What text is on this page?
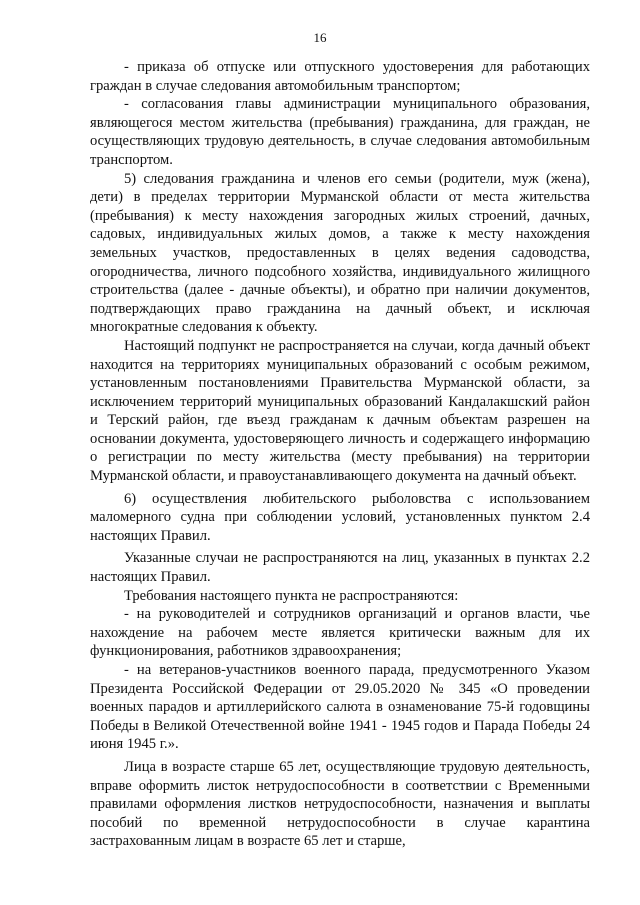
16

- приказа об отпуске или отпускного удостоверения для работающих граждан в случае следования автомобильным транспортом;

- согласования главы администрации муниципального образования, являющегося местом жительства (пребывания) гражданина, для граждан, не осуществляющих трудовую деятельность, в случае следования автомобильным транспортом.

5) следования гражданина и членов его семьи (родители, муж (жена), дети) в пределах территории Мурманской области от места жительства (пребывания) к месту нахождения загородных жилых строений, дачных, садовых, индивидуальных жилых домов, а также к месту нахождения земельных участков, предоставленных в целях ведения садоводства, огородничества, личного подсобного хозяйства, индивидуального жилищного строительства (далее - дачные объекты), и обратно при наличии документов, подтверждающих право гражданина на дачный объект, и исключая многократные следования к объекту.

Настоящий подпункт не распространяется на случаи, когда дачный объект находится на территориях муниципальных образований с особым режимом, установленным постановлениями Правительства Мурманской области, за исключением территорий муниципальных образований Кандалакшский район и Терский район, где въезд гражданам к дачным объектам разрешен на основании документа, удостоверяющего личность и содержащего информацию о регистрации по месту жительства (месту пребывания) на территории Мурманской области, и правоустанавливающего документа на дачный объект.

6) осуществления любительского рыболовства с использованием маломерного судна при соблюдении условий, установленных пунктом 2.4 настоящих Правил.

Указанные случаи не распространяются на лиц, указанных в пунктах 2.2 настоящих Правил.

Требования настоящего пункта не распространяются:

- на руководителей и сотрудников организаций и органов власти, чье нахождение на рабочем месте является критически важным для их функционирования, работников здравоохранения;

- на ветеранов-участников военного парада, предусмотренного Указом Президента Российской Федерации от 29.05.2020 № 345 «О проведении военных парадов и артиллерийского салюта в ознаменование 75-й годовщины Победы в Великой Отечественной войне 1941 - 1945 годов и Парада Победы 24 июня 1945 г.».

Лица в возрасте старше 65 лет, осуществляющие трудовую деятельность, вправе оформить листок нетрудоспособности в соответствии с Временными правилами оформления листков нетрудоспособности, назначения и выплаты пособий по временной нетрудоспособности в случае карантина застрахованным лицам в возрасте 65 лет и старше,
